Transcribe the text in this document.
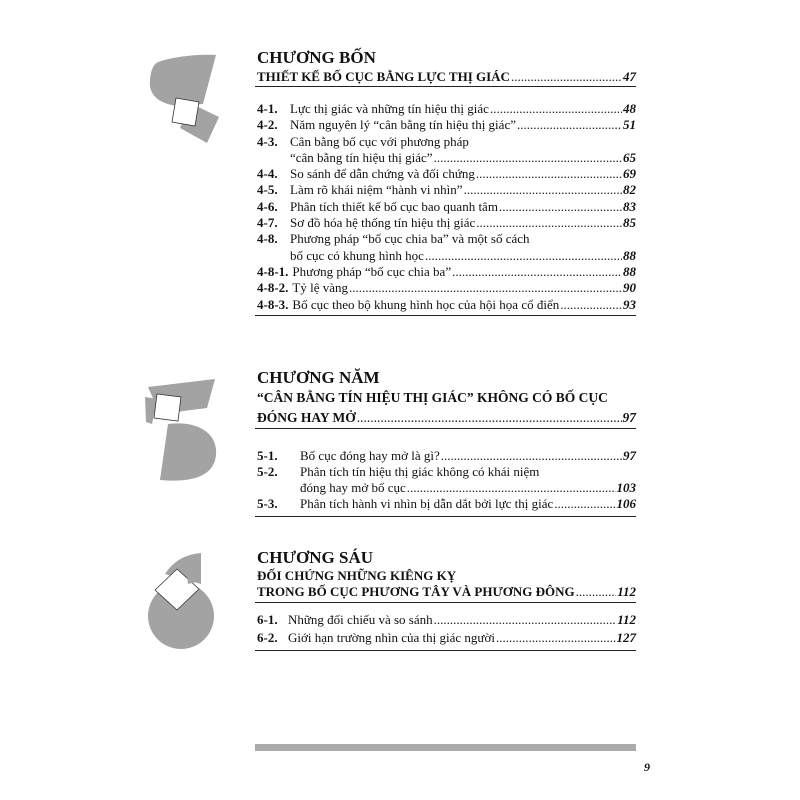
CHƯƠNG BỐN
THIẾT KẾ BỐ CỤC BẰNG LỰC THỊ GIÁC .....	47
4-1. Lực thị giác và những tín hiệu thị giác .....	48
4-2. Năm nguyên lý “cân bằng tín hiệu thị giác” .....	51
4-3. Cân bằng bố cục với phương pháp
“cân bằng tín hiệu thị giác” .....	65
4-4. So sánh để dẫn chứng và đối chứng .....	69
4-5. Làm rõ khái niệm “hành vi nhìn” .....	82
4-6. Phân tích thiết kế bố cục bao quanh tâm .....	83
4-7. Sơ đồ hóa hệ thống tín hiệu thị giác .....	85
4-8. Phương pháp “bố cục chia ba” và một số cách
bố cục có khung hình học .....	88
4-8-1. Phương pháp “bố cục chia ba” .....	88
4-8-2. Tỷ lệ vàng .....	90
4-8-3. Bố cục theo bộ khung hình học của hội họa cổ điển .....	93
CHƯƠNG NĂM
“CÂN BẰNG TÍN HIỆU THỊ GIÁC” KHÔNG CÓ BỐ CỤC
ĐÓNG HAY MỞ .....	97
5-1.	Bố cục đóng hay mở là gì? .....	97
5-2.	Phân tích tín hiệu thị giác không có khái niệm
đóng hay mở bố cục .....	103
5-3.	Phân tích hành vi nhìn bị dẫn dắt bởi lực thị giác .....	106
CHƯƠNG SÁU
ĐỐI CHỨNG NHỮNG KIÊNG KỴ
TRONG BỐ CỤC PHƯƠNG TÂY VÀ PHƯƠNG ĐÔNG .....	112
6-1. Những đối chiếu và so sánh .....	112
6-2. Giới hạn trường nhìn của thị giác người .....	127
9
